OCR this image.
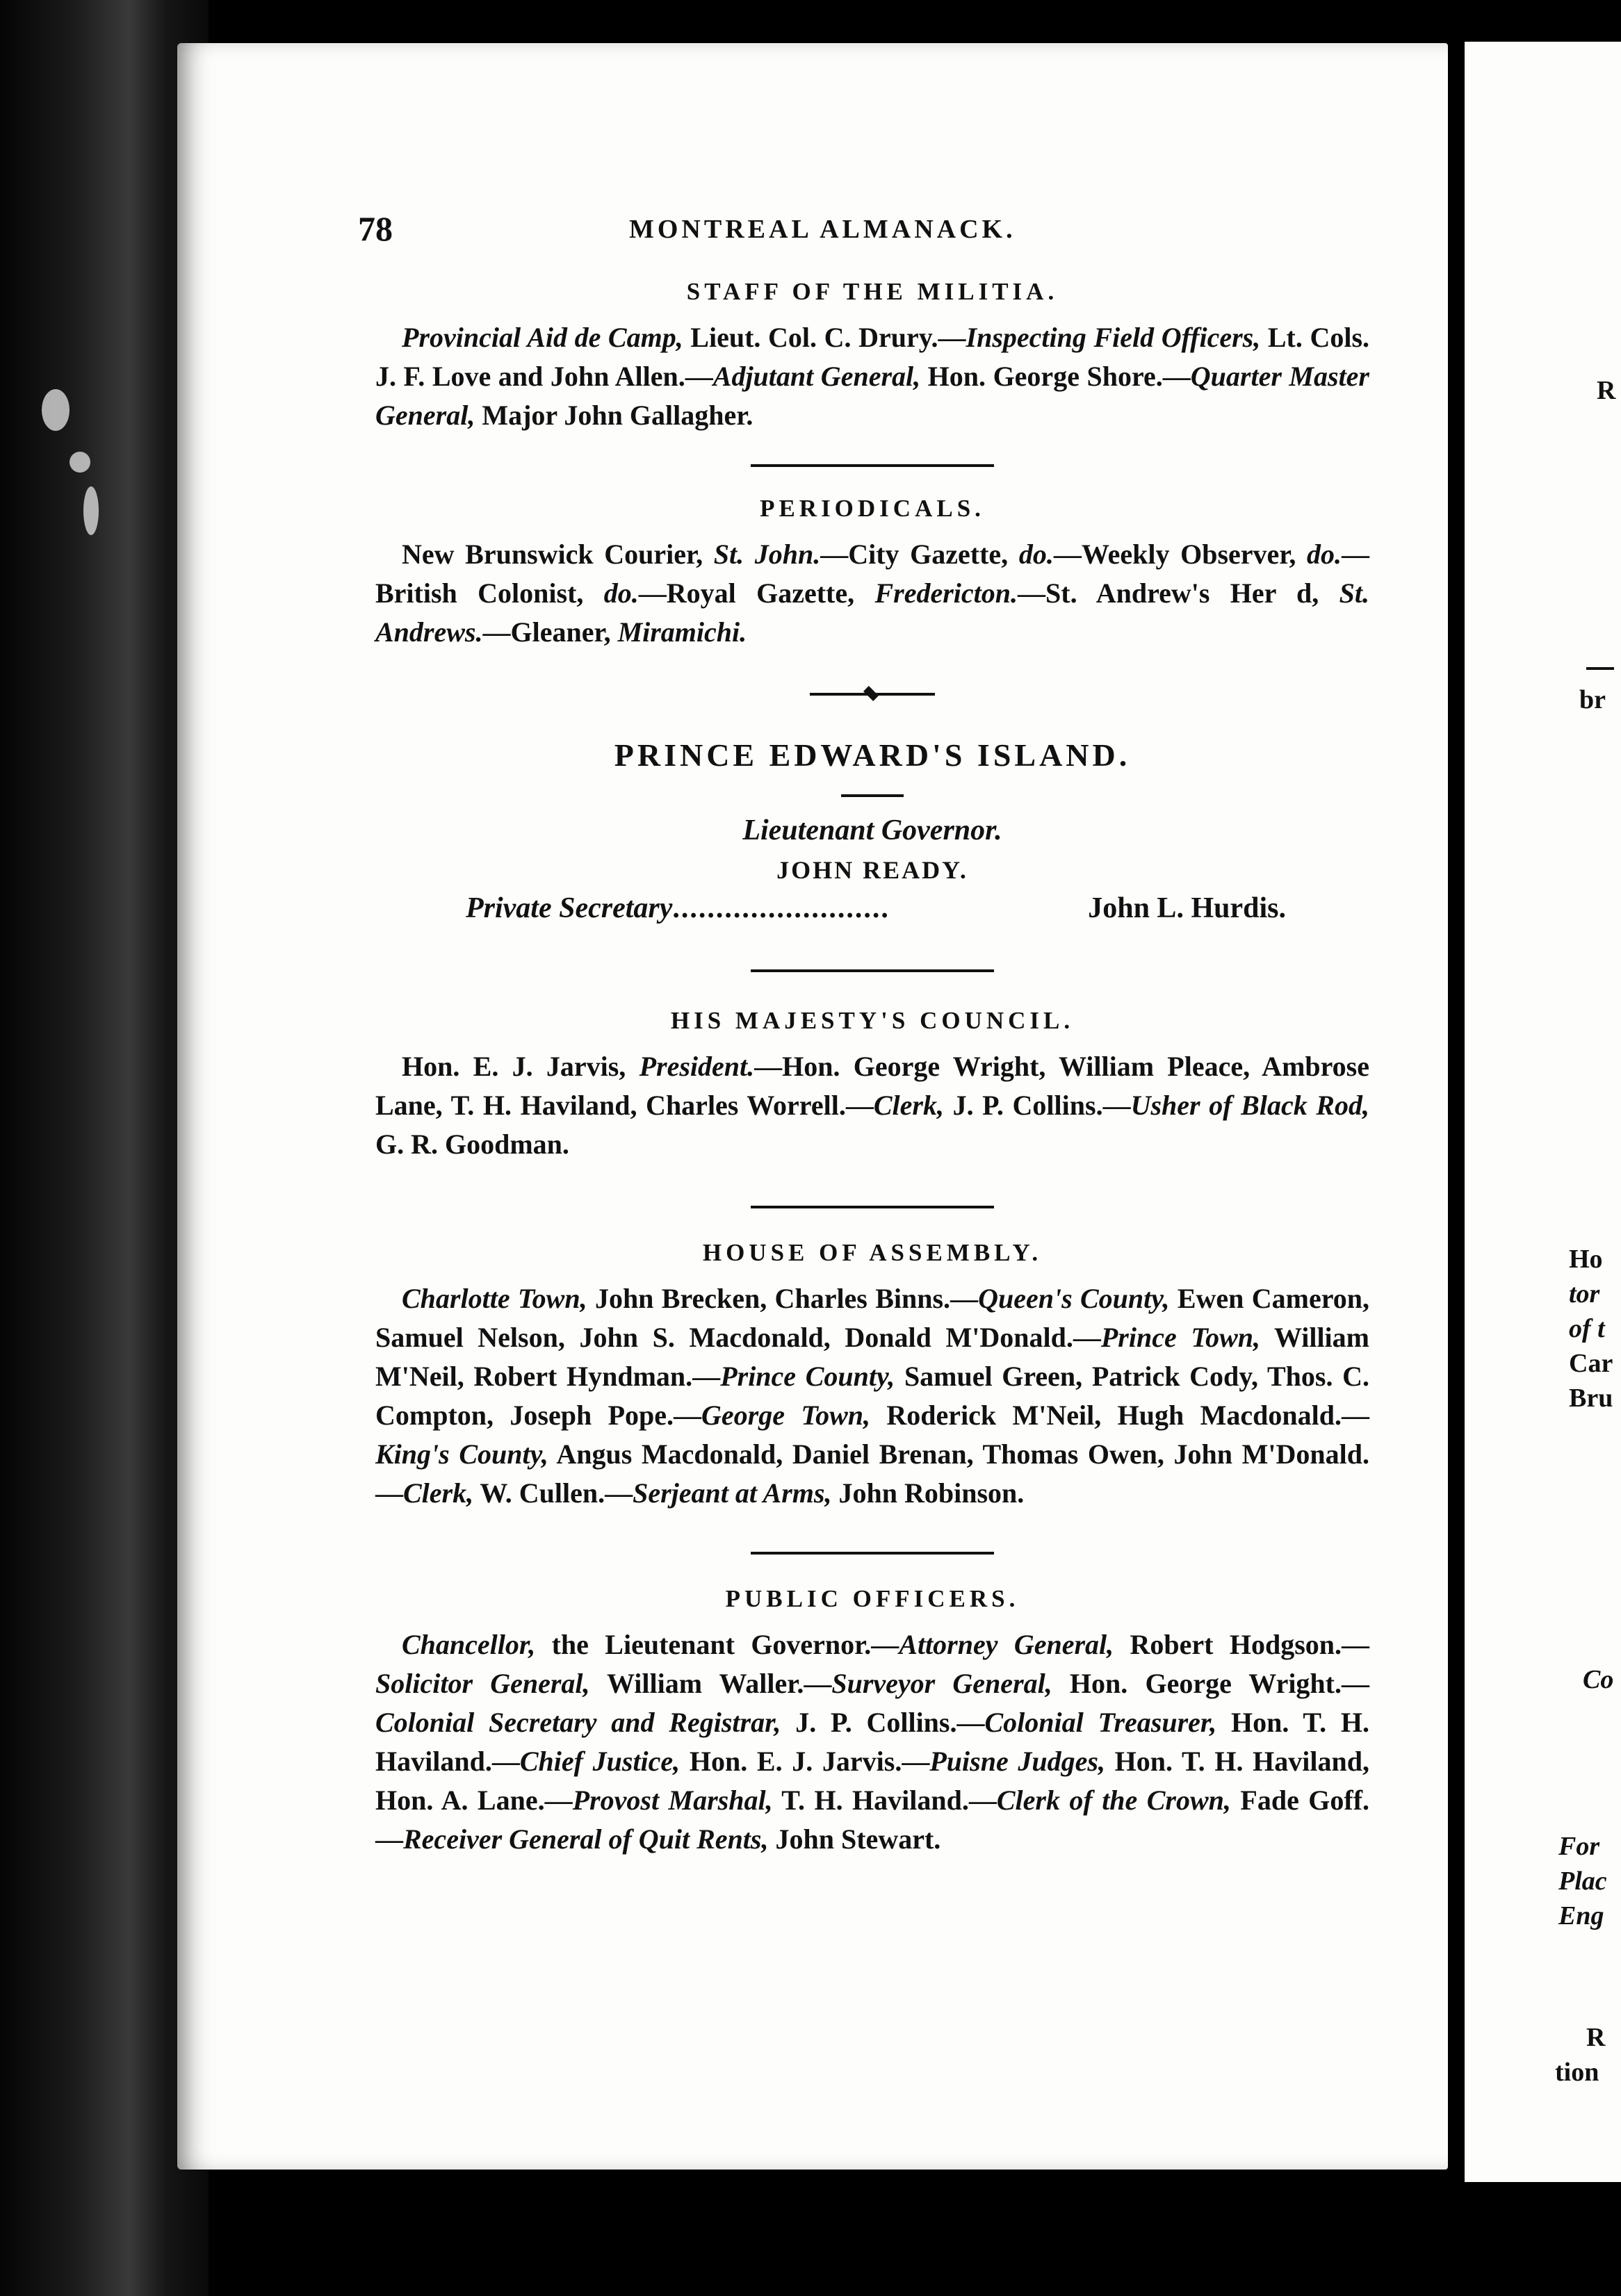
R
br
Ho
tor
of t
Car
Bru
Co
For
Plac
Eng
R
tion
78	MONTREAL ALMANACK.
STAFF OF THE MILITIA.

Provincial Aid de Camp, Lieut. Col. C. Drury.—Inspecting Field Officers, Lt. Cols. J. F. Love and John Allen.—Adjutant General, Hon. George Shore.—Quarter Master General, Major John Gallagher.

PERIODICALS.

New Brunswick Courier, St. John.—City Gazette, do.—Weekly Observer, do.—British Colonist, do.—Royal Gazette, Fredericton.—St. Andrew's Her d, St. Andrews.—Gleaner, Miramichi.

PRINCE EDWARD'S ISLAND.
Lieutenant Governor.
JOHN READY.
Private Secretary .........................	John L. Hurdis.
HIS MAJESTY'S COUNCIL.

Hon. E. J. Jarvis, President.—Hon. George Wright, William Pleace, Ambrose Lane, T. H. Haviland, Charles Worrell.—Clerk, J. P. Collins.—Usher of Black Rod, G. R. Goodman.

HOUSE OF ASSEMBLY.

Charlotte Town, John Brecken, Charles Binns.—Queen's County, Ewen Cameron, Samuel Nelson, John S. Macdonald, Donald M'Donald.—Prince Town, William M'Neil, Robert Hyndman.—Prince County, Samuel Green, Patrick Cody, Thos. C. Compton, Joseph Pope.—George Town, Roderick M'Neil, Hugh Macdonald.—King's County, Angus Macdonald, Daniel Brenan, Thomas Owen, John M'Donald.—Clerk, W. Cullen.—Serjeant at Arms, John Robinson.

PUBLIC OFFICERS.

Chancellor, the Lieutenant Governor.—Attorney General, Robert Hodgson.—Solicitor General, William Waller.—Surveyor General, Hon. George Wright.—Colonial Secretary and Registrar, J. P. Collins.—Colonial Treasurer, Hon. T. H. Haviland.—Chief Justice, Hon. E. J. Jarvis.—Puisne Judges, Hon. T. H. Haviland, Hon. A. Lane.—Provost Marshal, T. H. Haviland.—Clerk of the Crown, Fade Goff.—Receiver General of Quit Rents, John Stewart.
